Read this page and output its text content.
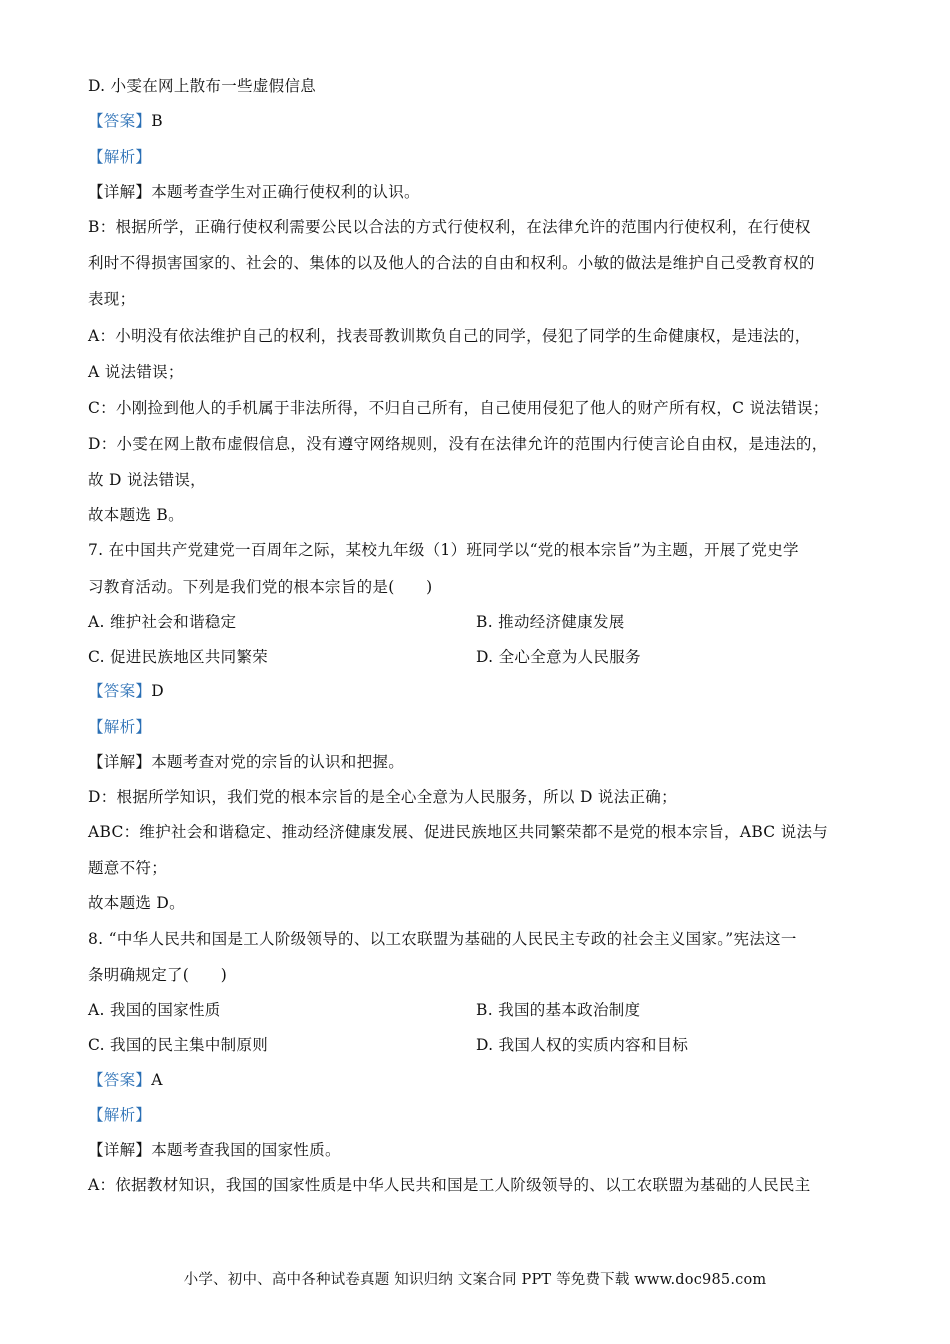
D. 小雯在网上散布一些虚假信息
【答案】B
【解析】
【详解】本题考查学生对正确行使权利的认识。
B：根据所学，正确行使权利需要公民以合法的方式行使权利，在法律允许的范围内行使权利，在行使权
利时不得损害国家的、社会的、集体的以及他人的合法的自由和权利。小敏的做法是维护自己受教育权的
表现；
A：小明没有依法维护自己的权利，找表哥教训欺负自己的同学，侵犯了同学的生命健康权，是违法的，
A 说法错误；
C：小刚捡到他人的手机属于非法所得，不归自己所有，自己使用侵犯了他人的财产所有权，C 说法错误；
D：小雯在网上散布虚假信息，没有遵守网络规则，没有在法律允许的范围内行使言论自由权，是违法的，
故 D 说法错误，
故本题选 B。
7. 在中国共产党建党一百周年之际，某校九年级（1）班同学以“党的根本宗旨”为主题，开展了党史学
习教育活动。下列是我们党的根本宗旨的是(　　)
A. 维护社会和谐稳定	B. 推动经济健康发展
C. 促进民族地区共同繁荣	D. 全心全意为人民服务
【答案】D
【解析】
【详解】本题考查对党的宗旨的认识和把握。
D：根据所学知识，我们党的根本宗旨的是全心全意为人民服务，所以 D 说法正确；
ABC：维护社会和谐稳定、推动经济健康发展、促进民族地区共同繁荣都不是党的根本宗旨，ABC 说法与
题意不符；
故本题选 D。
8. “中华人民共和国是工人阶级领导的、以工农联盟为基础的人民民主专政的社会主义国家。”宪法这一
条明确规定了(　　)
A. 我国的国家性质	B. 我国的基本政治制度
C. 我国的民主集中制原则	D. 我国人权的实质内容和目标
【答案】A
【解析】
【详解】本题考查我国的国家性质。
A：依据教材知识，我国的国家性质是中华人民共和国是工人阶级领导的、以工农联盟为基础的人民民主
小学、初中、高中各种试卷真题 知识归纳 文案合同 PPT 等免费下载 www.doc985.com
